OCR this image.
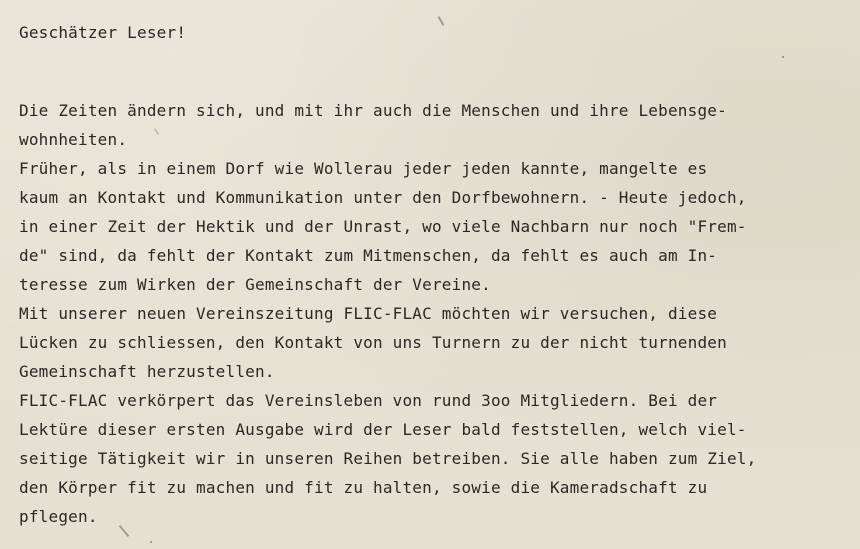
Geschätzer Leser!
Die Zeiten ändern sich, und mit ihr auch die Menschen und ihre Lebensge-
wohnheiten.
Früher, als in einem Dorf wie Wollerau jeder jeden kannte, mangelte es
kaum an Kontakt und Kommunikation unter den Dorfbewohnern. - Heute jedoch,
in einer Zeit der Hektik und der Unrast, wo viele Nachbarn nur noch "Frem-
de" sind, da fehlt der Kontakt zum Mitmenschen, da fehlt es auch am In-
teresse zum Wirken der Gemeinschaft der Vereine.
Mit unserer neuen Vereinszeitung FLIC-FLAC möchten wir versuchen, diese
Lücken zu schliessen, den Kontakt von uns Turnern zu der nicht turnenden
Gemeinschaft herzustellen.
FLIC-FLAC verkörpert das Vereinsleben von rund 3oo Mitgliedern. Bei der
Lektüre dieser ersten Ausgabe wird der Leser bald feststellen, welch viel-
seitige Tätigkeit wir in unseren Reihen betreiben. Sie alle haben zum Ziel,
den Körper fit zu machen und fit zu halten, sowie die Kameradschaft zu
pflegen.
